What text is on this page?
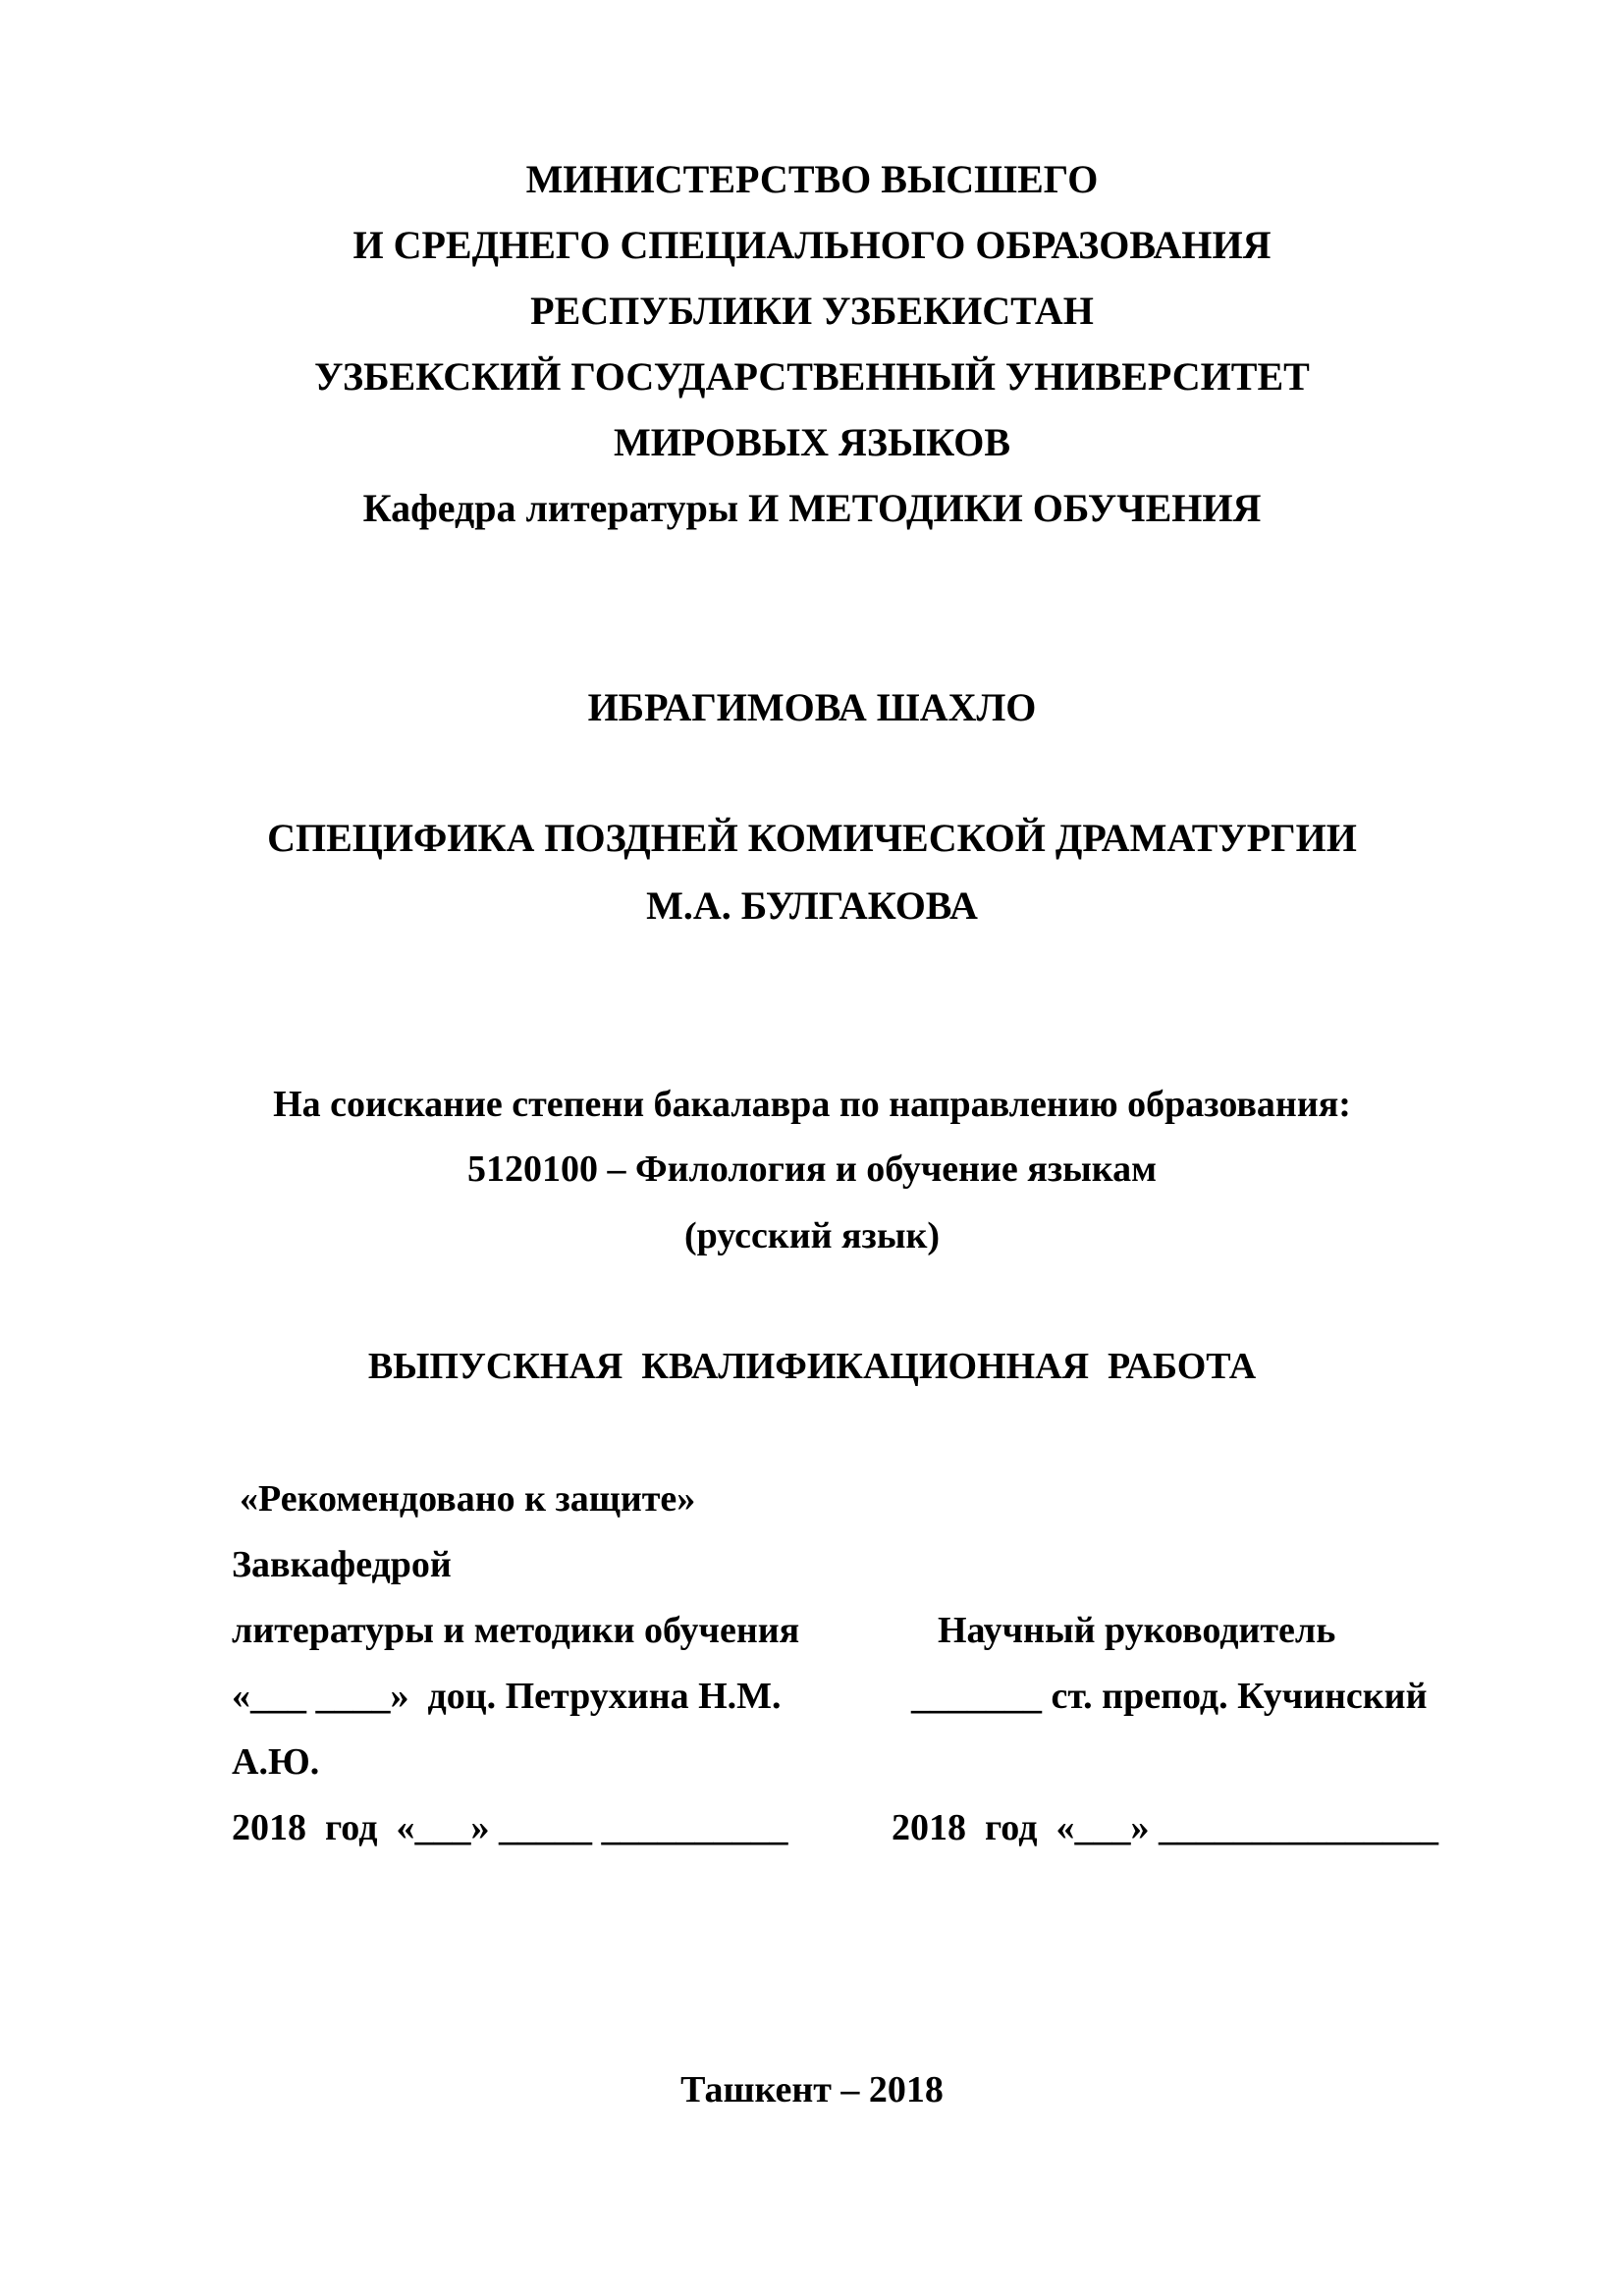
МИНИСТЕРСТВО ВЫСШЕГО
И СРЕДНЕГО СПЕЦИАЛЬНОГО ОБРАЗОВАНИЯ
РЕСПУБЛИКИ УЗБЕКИСТАН
УЗБЕКСКИЙ ГОСУДАРСТВЕННЫЙ УНИВЕРСИТЕТ
МИРОВЫХ ЯЗЫКОВ
Кафедра литературы И МЕТОДИКИ ОБУЧЕНИЯ
ИБРАГИМОВА ШАХЛО
СПЕЦИФИКА ПОЗДНЕЙ КОМИЧЕСКОЙ ДРАМАТУРГИИ
М.А. БУЛГАКОВА
На соискание степени бакалавра по направлению образования:
5120100 – Филология и обучение языкам
(русский язык)
ВЫПУСКНАЯ  КВАЛИФИКАЦИОННАЯ  РАБОТА
«Рекомендовано к защите»
Завкафедрой
литературы и методики обучения	Научный руководитель
«___ ____»  доц. Петрухина Н.М.	_______ ст. препод. Кучинский
А.Ю.
2018  год  «___» _____ __________	2018  год  «___» _______________
Ташкент – 2018
